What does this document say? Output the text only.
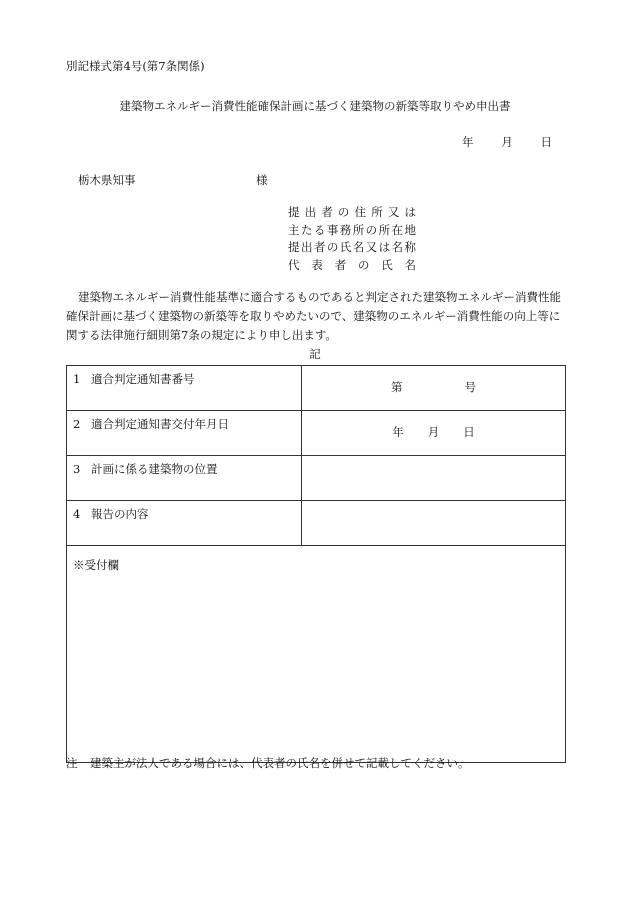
別記様式第4号(第7条関係)
建築物エネルギー消費性能確保計画に基づく建築物の新築等取りやめ申出書
年 月 日
栃木県知事	様
提出者の住所又は
主たる事務所の所在地
提出者の氏名又は名称
代表者の氏名
建築物エネルギー消費性能基準に適合するものであると判定された建築物エネルギー消費性能確保計画に基づく建築物の新築等を取りやめたいので、建築物のエネルギー消費性能の向上等に関する法律施行細則第7条の規定により申し出ます。
記
1 適合判定通知書番号	第 号

2 適合判定通知書交付年月日	年 月 日

3 計画に係る建築物の位置	
4 報告の内容	
※受付欄	
注	建築主が法人である場合には、代表者の氏名を併せて記載してください。
